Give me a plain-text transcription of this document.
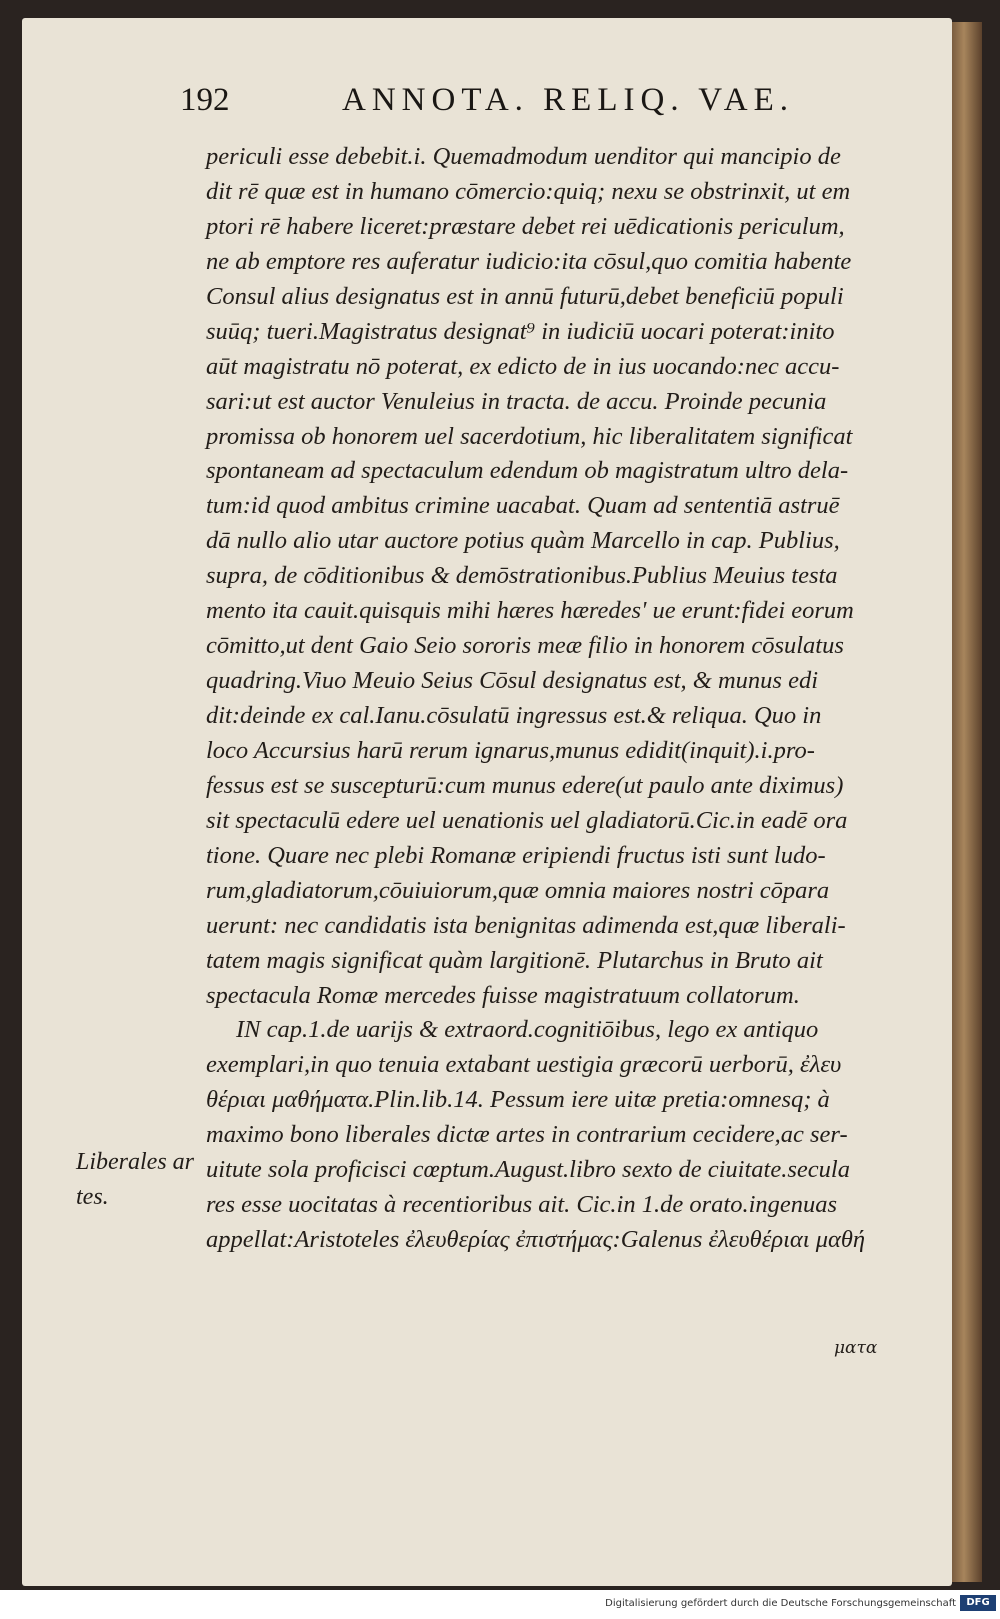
192	ANNOTA. RELIQ. VAE.
periculi esse debebit.i. Quemadmodum uenditor qui mancipio de
dit rē quæ est in humano cōmercio:quiq; nexu se obstrinxit, ut em
ptori rē habere liceret:præstare debet rei uēdicationis periculum,
ne ab emptore res auferatur iudicio:ita cōsul,quo comitia habente
Consul alius designatus est in annū futurū,debet beneficiū populi
suūq; tueri.Magistratus designat⁹ in iudiciū uocari poterat:inito
aūt magistratu nō poterat, ex edicto de in ius uocando:nec accu-
sari:ut est auctor Venuleius in tracta. de accu. Proinde pecunia
promissa ob honorem uel sacerdotium, hic liberalitatem significat
spontaneam ad spectaculum edendum ob magistratum ultro dela-
tum:id quod ambitus crimine uacabat. Quam ad sententiā astruē
dā nullo alio utar auctore potius quàm Marcello in cap. Publius,
supra, de cōditionibus & demōstrationibus.Publius Meuius testa
mento ita cauit.quisquis mihi hæres hæredes' ue erunt:fidei eorum
cōmitto,ut dent Gaio Seio sororis meæ filio in honorem cōsulatus
quadring.Viuo Meuio Seius Cōsul designatus est, & munus edi
dit:deinde ex cal.Ianu.cōsulatū ingressus est.& reliqua. Quo in
loco Accursius harū rerum ignarus,munus edidit(inquit).i.pro-
fessus est se suscepturū:cum munus edere(ut paulo ante diximus)
sit spectaculū edere uel uenationis uel gladiatorū.Cic.in eadē ora
tione. Quare nec plebi Romanæ eripiendi fructus isti sunt ludo-
rum,gladiatorum,cōuiuiorum,quæ omnia maiores nostri cōpara
uerunt: nec candidatis ista benignitas adimenda est,quæ liberali-
tatem magis significat quàm largitionē. Plutarchus in Bruto ait
spectacula Romæ mercedes fuisse magistratuum collatorum.
IN cap.1.de uarijs & extraord.cognitiōibus, lego ex antiquo
exemplari,in quo tenuia extabant uestigia græcorū uerborū, ἐλευ
θέριαι μαθήματα.Plin.lib.14. Pessum iere uitæ pretia:omnesq; à
maximo bono liberales dictæ artes in contrarium cecidere,ac ser-
uitute sola proficisci cœptum.August.libro sexto de ciuitate.secula
res esse uocitatas à recentioribus ait. Cic.in 1.de orato.ingenuas
appellat:Aristoteles ἐλευθερίας ἐπιστήμας:Galenus ἐλευθέριαι μαθή
Liberales ar
tes.
ματα
Digitalisierung gefördert durch die Deutsche Forschungsgemeinschaft	DFG
